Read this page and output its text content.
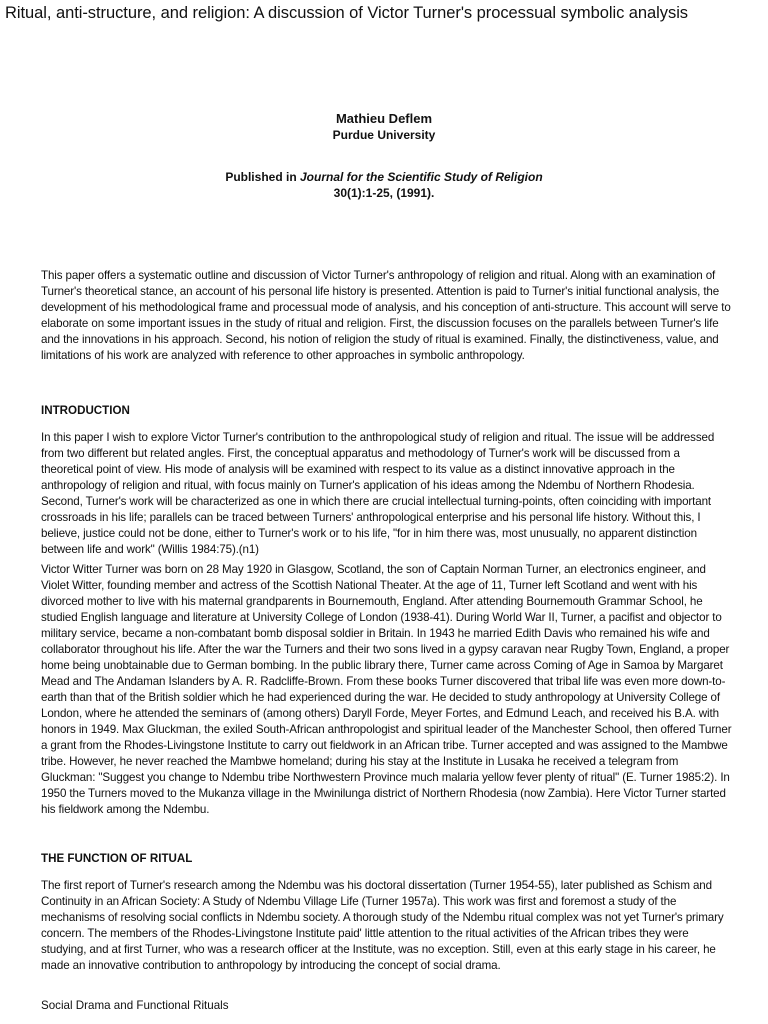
Ritual, anti-structure, and religion: A discussion of Victor Turner's processual symbolic analysis
Mathieu Deflem
Purdue University
Published in Journal for the Scientific Study of Religion
30(1):1-25, (1991).

This paper offers a systematic outline and discussion of Victor Turner's anthropology of religion and ritual. Along with an examination of Turner's theoretical stance, an account of his personal life history is presented. Attention is paid to Turner's initial functional analysis, the development of his methodological frame and processual mode of analysis, and his conception of anti-structure. This account will serve to elaborate on some important issues in the study of ritual and religion. First, the discussion focuses on the parallels between Turner's life and the innovations in his approach. Second, his notion of religion the study of ritual is examined. Finally, the distinctiveness, value, and limitations of his work are analyzed with reference to other approaches in symbolic anthropology.

INTRODUCTION

In this paper I wish to explore Victor Turner's contribution to the anthropological study of religion and ritual. The issue will be addressed from two different but related angles. First, the conceptual apparatus and methodology of Turner's work will be discussed from a theoretical point of view. His mode of analysis will be examined with respect to its value as a distinct innovative approach in the anthropology of religion and ritual, with focus mainly on Turner's application of his ideas among the Ndembu of Northern Rhodesia. Second, Turner's work will be characterized as one in which there are crucial intellectual turning-points, often coinciding with important crossroads in his life; parallels can be traced between Turners' anthropological enterprise and his personal life history. Without this, I believe, justice could not be done, either to Turner's work or to his life, "for in him there was, most unusually, no apparent distinction between life and work" (Willis 1984:75).(n1)

Victor Witter Turner was born on 28 May 1920 in Glasgow, Scotland, the son of Captain Norman Turner, an electronics engineer, and Violet Witter, founding member and actress of the Scottish National Theater. At the age of 11, Turner left Scotland and went with his divorced mother to live with his maternal grandparents in Bournemouth, England. After attending Bournemouth Grammar School, he studied English language and literature at University College of London (1938-41). During World War II, Turner, a pacifist and objector to military service, became a non-combatant bomb disposal soldier in Britain. In 1943 he married Edith Davis who remained his wife and collaborator throughout his life. After the war the Turners and their two sons lived in a gypsy caravan near Rugby Town, England, a proper home being unobtainable due to German bombing. In the public library there, Turner came across Coming of Age in Samoa by Margaret Mead and The Andaman Islanders by A. R. Radcliffe-Brown. From these books Turner discovered that tribal life was even more down-to-earth than that of the British soldier which he had experienced during the war. He decided to study anthropology at University College of London, where he attended the seminars of (among others) Daryll Forde, Meyer Fortes, and Edmund Leach, and received his B.A. with honors in 1949. Max Gluckman, the exiled South-African anthropologist and spiritual leader of the Manchester School, then offered Turner a grant from the Rhodes-Livingstone Institute to carry out fieldwork in an African tribe. Turner accepted and was assigned to the Mambwe tribe. However, he never reached the Mambwe homeland; during his stay at the Institute in Lusaka he received a telegram from Gluckman: "Suggest you change to Ndembu tribe Northwestern Province much malaria yellow fever plenty of ritual" (E. Turner 1985:2). In 1950 the Turners moved to the Mukanza village in the Mwinilunga district of Northern Rhodesia (now Zambia). Here Victor Turner started his fieldwork among the Ndembu.

THE FUNCTION OF RITUAL

The first report of Turner's research among the Ndembu was his doctoral dissertation (Turner 1954-55), later published as Schism and Continuity in an African Society: A Study of Ndembu Village Life (Turner 1957a). This work was first and foremost a study of the mechanisms of resolving social conflicts in Ndembu society. A thorough study of the Ndembu ritual complex was not yet Turner's primary concern. The members of the Rhodes-Livingstone Institute paid' little attention to the ritual activities of the African tribes they were studying, and at first Turner, who was a research officer at the Institute, was no exception. Still, even at this early stage in his career, he made an innovative contribution to anthropology by introducing the concept of social drama.

Social Drama and Functional Rituals
